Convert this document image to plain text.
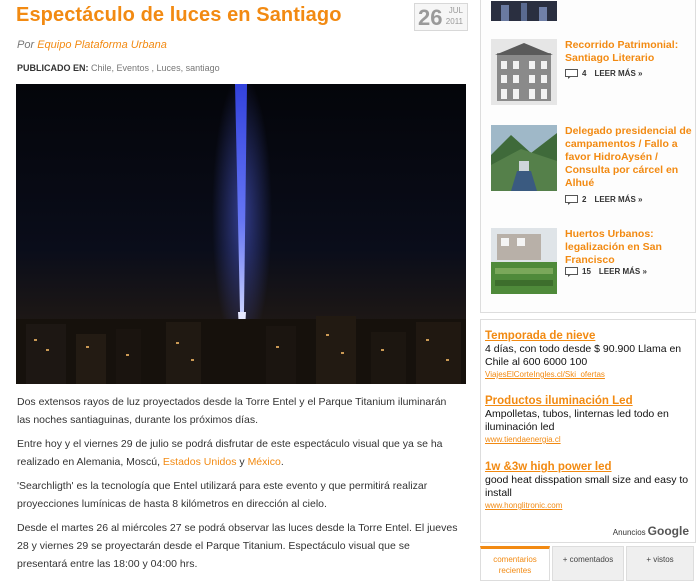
Espectáculo de luces en Santiago	26 JUL
2011
Por Equipo Plataforma Urbana
PUBLICADO EN: Chile, Eventos , Luces, santiago
Dos extensos rayos de luz proyectados desde la Torre Entel y el Parque Titanium iluminarán las noches santiaguinas, durante los próximos días.
Entre hoy y el viernes 29 de julio se podrá disfrutar de este espectáculo visual que ya se ha realizado en Alemania, Moscú, Estados Unidos y México.
'Searchligth' es la tecnología que Entel utilizará para este evento y que permitirá realizar proyecciones lumínicas de hasta 8 kilómetros en dirección al cielo.
Desde el martes 26 al miércoles 27 se podrá observar las luces desde la Torre Entel. El jueves 28 y viernes 29 se proyectarán desde el Parque Titanium. Espectáculo visual que se presentará entre las 18:00 y 04:00 hrs.
Recorrido Patrimonial: Santiago Literario
4 LEER MÁS »
Delegado presidencial de campamentos / Fallo a favor HidroAysén / Consulta por cárcel en Alhué
2 LEER MÁS »
Huertos Urbanos: legalización en San Francisco
15 LEER MÁS »
Temporada de nieve
4 días, con todo desde $ 90.900 Llama en Chile al 600 6000 100
ViajesElCorteIngles.cl/Ski_ofertas
Productos iluminación Led
Ampolletas, tubos, linternas led todo en iluminación led
www.tiendaenergia.cl
1w &3w high power led
good heat disspation small size and easy to install
www.honglitronic.com
Anuncios Google
comentarios recientes
+ comentados	+ vistos
